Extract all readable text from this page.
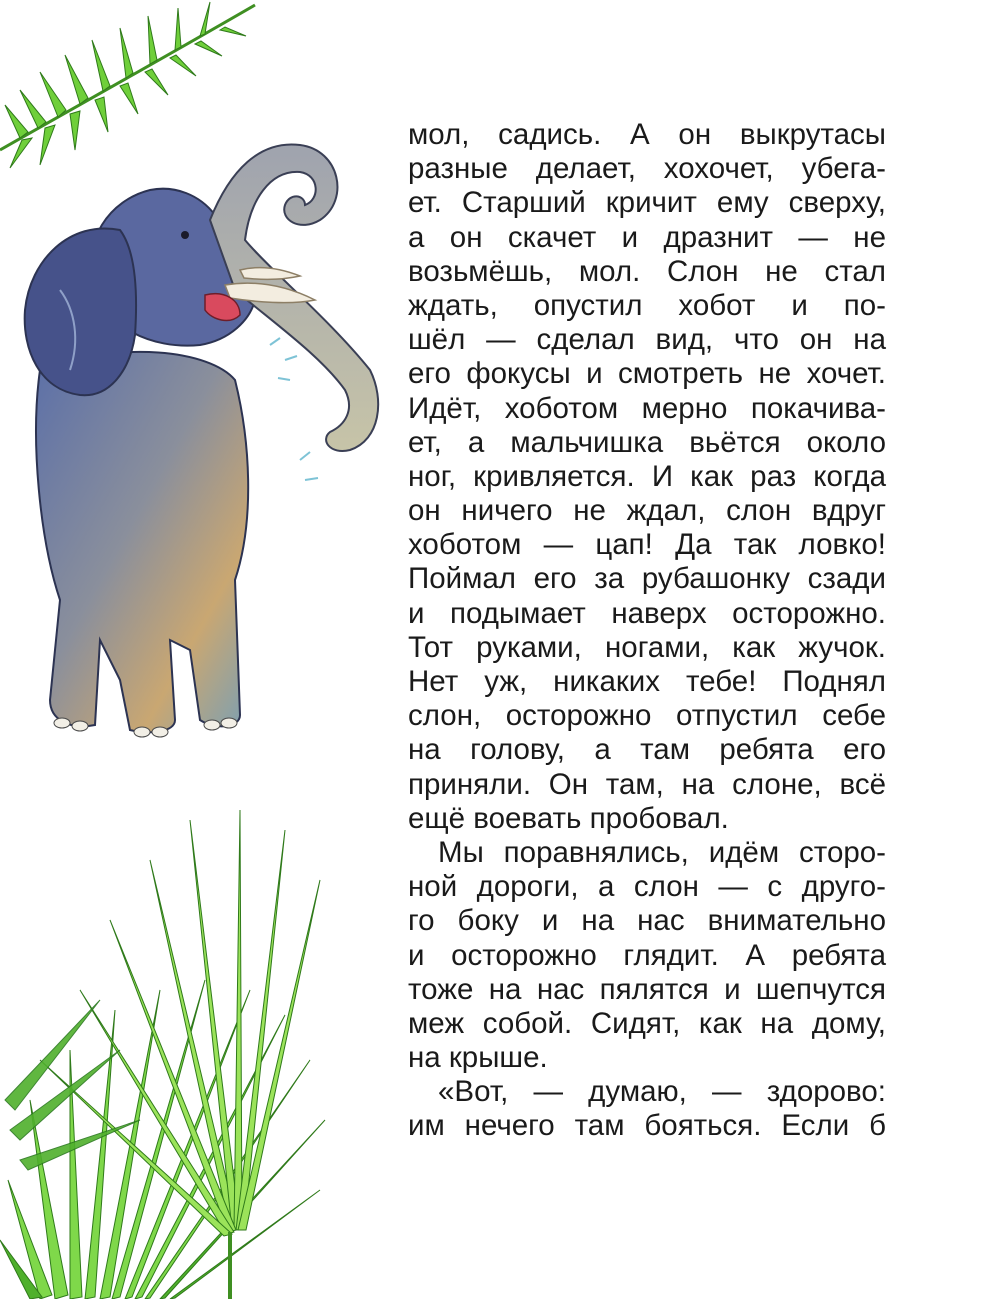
мол, садись. А он выкрутасы
разные делает, хохочет, убега-
ет. Старший кричит ему сверху,
а он скачет и дразнит — не
возьмёшь, мол. Слон не стал
ждать, опустил хобот и по-
шёл — сделал вид, что он на
его фокусы и смотреть не хочет.
Идёт, хоботом мерно покачива-
ет, а мальчишка вьётся около
ног, кривляется. И как раз когда
он ничего не ждал, слон вдруг
хоботом — цап! Да так ловко!
Поймал его за рубашонку сзади
и подымает наверх осторожно.
Тот руками, ногами, как жучок.
Нет уж, никаких тебе! Поднял
слон, осторожно отпустил себе
на голову, а там ребята его
приняли. Он там, на слоне, всё
ещё воевать пробовал.
Мы поравнялись, идём сторо-
ной дороги, а слон — с друго-
го боку и на нас внимательно
и осторожно глядит. А ребята
тоже на нас пялятся и шепчутся
меж собой. Сидят, как на дому,
на крыше.
«Вот, — думаю, — здорово:
им нечего там бояться. Если б
